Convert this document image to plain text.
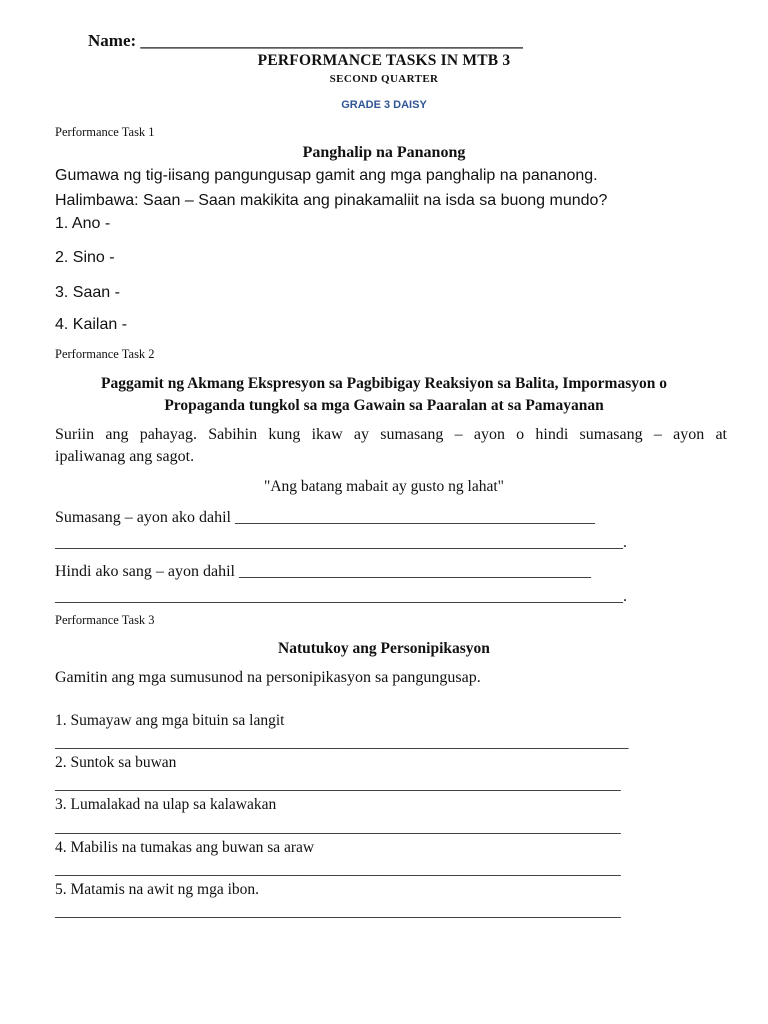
Name: _____________________________________________
PERFORMANCE TASKS IN MTB 3
SECOND QUARTER
GRADE 3 DAISY
Performance Task 1
Panghalip na Pananong
Gumawa ng tig-iisang pangungusap gamit ang mga panghalip na pananong.
Halimbawa: Saan – Saan makikita ang pinakamaliit na isda sa buong mundo?
1. Ano -
2. Sino -
3. Saan -
4. Kailan -
Performance Task 2
Paggamit ng Akmang Ekspresyon sa Pagbibigay Reaksiyon sa Balita, Impormasyon o
Propaganda tungkol sa mga Gawain sa Paaralan at sa Pamayanan
Suriin ang pahayag. Sabihin kung ikaw ay sumasang – ayon o hindi sumasang – ayon at
ipaliwanag ang sagot.
"Ang batang mabait ay gusto ng lahat"
Sumasang – ayon ako dahil _____________________________________________
_______________________________________________________________________.
Hindi ako sang – ayon dahil ____________________________________________
_______________________________________________________________________.
Performance Task 3
Natutukoy ang Personipikasyon
Gamitin ang mga sumusunod na personipikasyon sa pangungusap.
1. Sumayaw ang mga bituin sa langit
__________________________________________________________________________
2. Suntok sa buwan
_________________________________________________________________________
3. Lumalakad na ulap sa kalawakan
_________________________________________________________________________
4. Mabilis na tumakas ang buwan sa araw
_________________________________________________________________________
5. Matamis na awit ng mga ibon.
_________________________________________________________________________
